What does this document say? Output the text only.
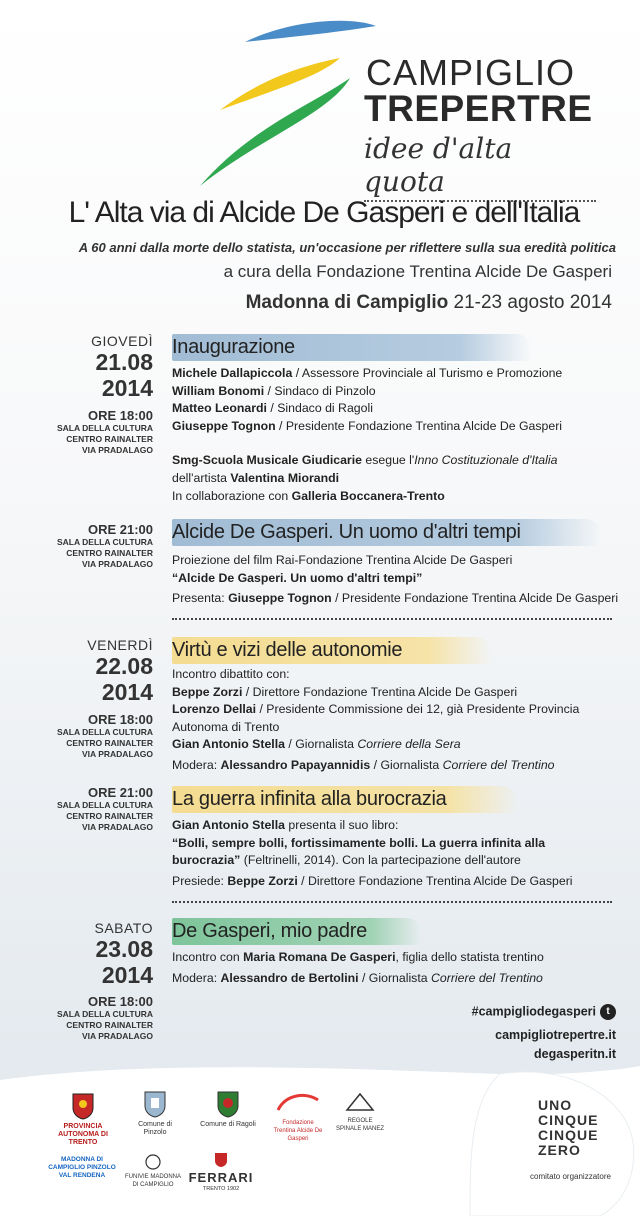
CAMPIGLIO
TREPERTRE
idee d'alta quota
L' Alta via di Alcide De Gasperi e dell'Italia
A 60 anni dalla morte dello statista, un'occasione per riflettere sulla sua eredità politica
a cura della Fondazione Trentina Alcide De Gasperi
Madonna di Campiglio 21-23 agosto 2014
GIOVEDÌ
21.08
2014
ORE 18:00
SALA DELLA CULTURA
CENTRO RAINALTER
VIA PRADALAGO
Inaugurazione
Michele Dallapiccola / Assessore Provinciale al Turismo e Promozione
William Bonomi / Sindaco di Pinzolo
Matteo Leonardi / Sindaco di Ragoli
Giuseppe Tognon / Presidente Fondazione Trentina Alcide De Gasperi
Smg-Scuola Musicale Giudicarie esegue l'Inno Costituzionale d'Italia
dell'artista Valentina Miorandi
In collaborazione con Galleria Boccanera-Trento
ORE 21:00
SALA DELLA CULTURA
CENTRO RAINALTER
VIA PRADALAGO
Alcide De Gasperi. Un uomo d'altri tempi
Proiezione del film Rai-Fondazione Trentina Alcide De Gasperi
“Alcide De Gasperi. Un uomo d'altri tempi”
Presenta: Giuseppe Tognon / Presidente Fondazione Trentina Alcide De Gasperi
VENERDÌ
22.08
2014
ORE 18:00
SALA DELLA CULTURA
CENTRO RAINALTER
VIA PRADALAGO
Virtù e vizi delle autonomie
Incontro dibattito con:
Beppe Zorzi / Direttore Fondazione Trentina Alcide De Gasperi
Lorenzo Dellai / Presidente Commissione dei 12, già Presidente Provincia
Autonoma di Trento
Gian Antonio Stella / Giornalista Corriere della Sera
Modera: Alessandro Papayannidis / Giornalista Corriere del Trentino
ORE 21:00
SALA DELLA CULTURA
CENTRO RAINALTER
VIA PRADALAGO
La guerra infinita alla burocrazia
Gian Antonio Stella presenta il suo libro:
“Bolli, sempre bolli, fortissimamente bolli. La guerra infinita alla
burocrazia” (Feltrinelli, 2014). Con la partecipazione dell'autore
Presiede: Beppe Zorzi / Direttore Fondazione Trentina Alcide De Gasperi
SABATO
23.08
2014
ORE 18:00
SALA DELLA CULTURA
CENTRO RAINALTER
VIA PRADALAGO
De Gasperi, mio padre
Incontro con Maria Romana De Gasperi, figlia dello statista trentino
Modera: Alessandro de Bertolini / Giornalista Corriere del Trentino
#campigliodegasperi t
campigliotrepertre.it
degasperitn.it
PROVINCIA AUTONOMA DI TRENTO
Comune di Pinzolo
Comune di Ragoli	Fondazione Trentina Alcide De Gasperi
REGOLE SPINALE MANEZ
MADONNA DI CAMPIGLIO PINZOLO VAL RENDENA	FUNIVIE MADONNA DI CAMPIGLIO	FERRARI
TRENTO 1902
UNO
CINQUE
CINQUE
ZERO
comitato organizzatore
